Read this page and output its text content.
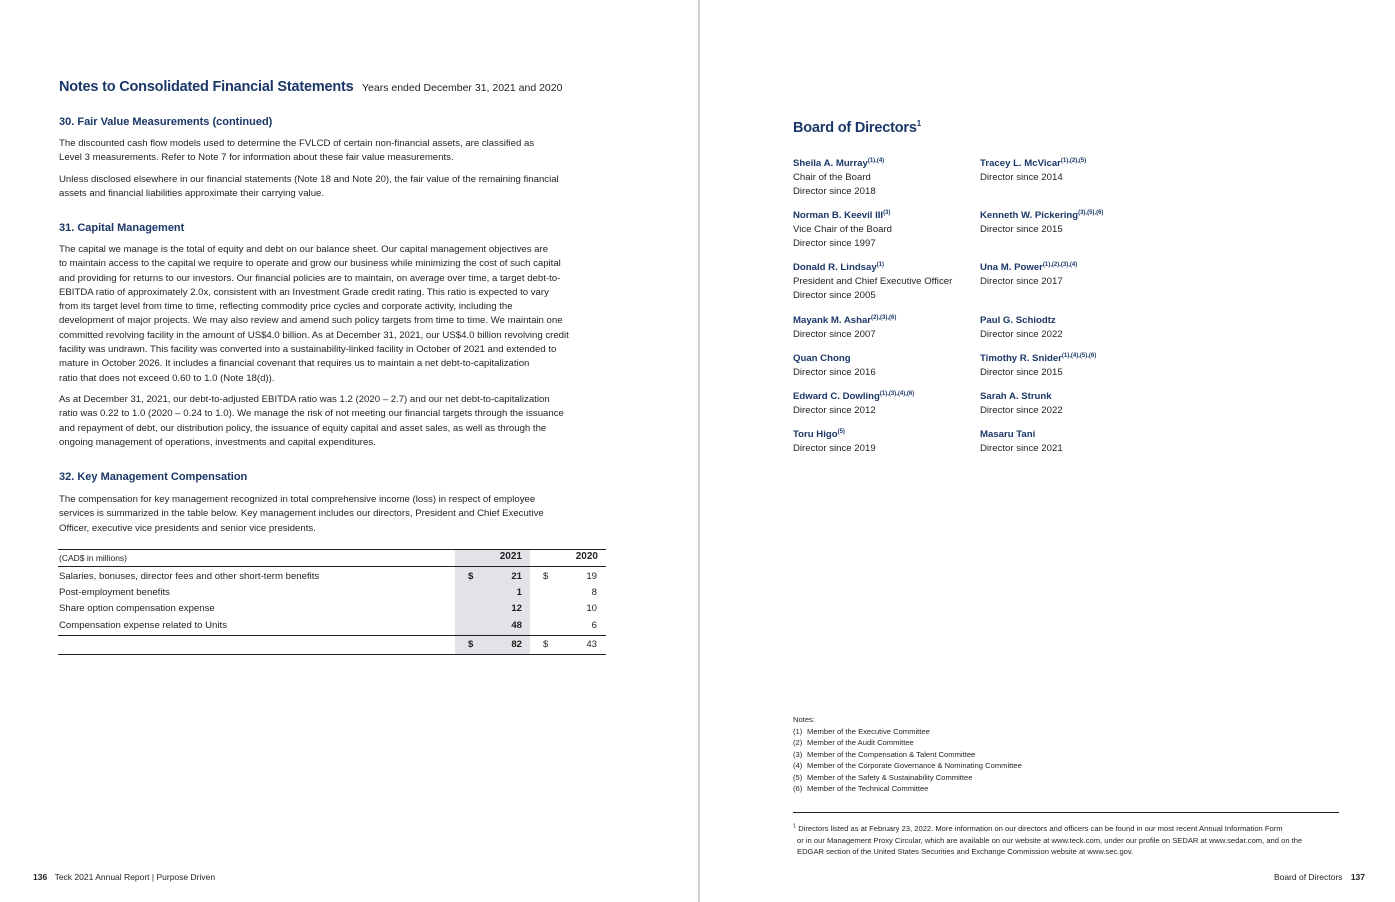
Notes to Consolidated Financial Statements Years ended December 31, 2021 and 2020
30. Fair Value Measurements (continued)
The discounted cash flow models used to determine the FVLCD of certain non-financial assets, are classified as
Level 3 measurements. Refer to Note 7 for information about these fair value measurements.
Unless disclosed elsewhere in our financial statements (Note 18 and Note 20), the fair value of the remaining financial
assets and financial liabilities approximate their carrying value.
31. Capital Management
The capital we manage is the total of equity and debt on our balance sheet. Our capital management objectives are
to maintain access to the capital we require to operate and grow our business while minimizing the cost of such capital
and providing for returns to our investors. Our financial policies are to maintain, on average over time, a target debt-to-
EBITDA ratio of approximately 2.0x, consistent with an Investment Grade credit rating. This ratio is expected to vary
from its target level from time to time, reflecting commodity price cycles and corporate activity, including the
development of major projects. We may also review and amend such policy targets from time to time. We maintain one
committed revolving facility in the amount of US$4.0 billion. As at December 31, 2021, our US$4.0 billion revolving credit
facility was undrawn. This facility was converted into a sustainability-linked facility in October of 2021 and extended to
mature in October 2026. It includes a financial covenant that requires us to maintain a net debt-to-capitalization
ratio that does not exceed 0.60 to 1.0 (Note 18(d)).
As at December 31, 2021, our debt-to-adjusted EBITDA ratio was 1.2 (2020 – 2.7) and our net debt-to-capitalization
ratio was 0.22 to 1.0 (2020 – 0.24 to 1.0). We manage the risk of not meeting our financial targets through the issuance
and repayment of debt, our distribution policy, the issuance of equity capital and asset sales, as well as through the
ongoing management of operations, investments and capital expenditures.
32. Key Management Compensation
The compensation for key management recognized in total comprehensive income (loss) in respect of employee
services is summarized in the table below. Key management includes our directors, President and Chief Executive
Officer, executive vice presidents and senior vice presidents.
(CAD$ in millions)	2021	2020
Salaries, bonuses, director fees and other short-term benefits	$	21 $	19
Post-employment benefits	1	8
Share option compensation expense	12	10
Compensation expense related to Units	48	6
$	82 $	43
136 Teck 2021 Annual Report | Purpose Driven
Board of Directors$^1$
Sheila A. Murray$^{(1),(4)}$
Chair of the Board
Director since 2018
Norman B. Keevil III$^{(3)}$
Vice Chair of the Board
Director since 1997
Donald R. Lindsay$^{(1)}$
President and Chief Executive Officer
Director since 2005
Mayank M. Ashar$^{(2),(3),(6)}$
Director since 2007
Quan Chong
Director since 2016
Edward C. Dowling$^{(1),(3),(4),(6)}$
Director since 2012
Toru Higo$^{(5)}$
Director since 2019
Tracey L. McVicar$^{(1),(2),(5)}$
Director since 2014
Kenneth W. Pickering$^{(3),(5),(6)}$
Director since 2015
Una M. Power$^{(1),(2),(3),(4)}$
Director since 2017
Paul G. Schiodtz
Director since 2022
Timothy R. Snider$^{(1),(4),(5),(6)}$
Director since 2015
Sarah A. Strunk
Director since 2022
Masaru Tani
Director since 2021
Notes:
(1) Member of the Executive Committee
(2) Member of the Audit Committee
(3) Member of the Compensation & Talent Committee
(4) Member of the Corporate Governance & Nominating Committee
(5) Member of the Safety & Sustainability Committee
(6) Member of the Technical Committee
$^1$ Directors listed as at February 23, 2022. More information on our directors and officers can be found in our most recent Annual Information Form
or in our Management Proxy Circular, which are available on our website at www.teck.com, under our profile on SEDAR at www.sedar.com, and on the
EDGAR section of the United States Securities and Exchange Commission website at www.sec.gov.
Board of Directors 137
